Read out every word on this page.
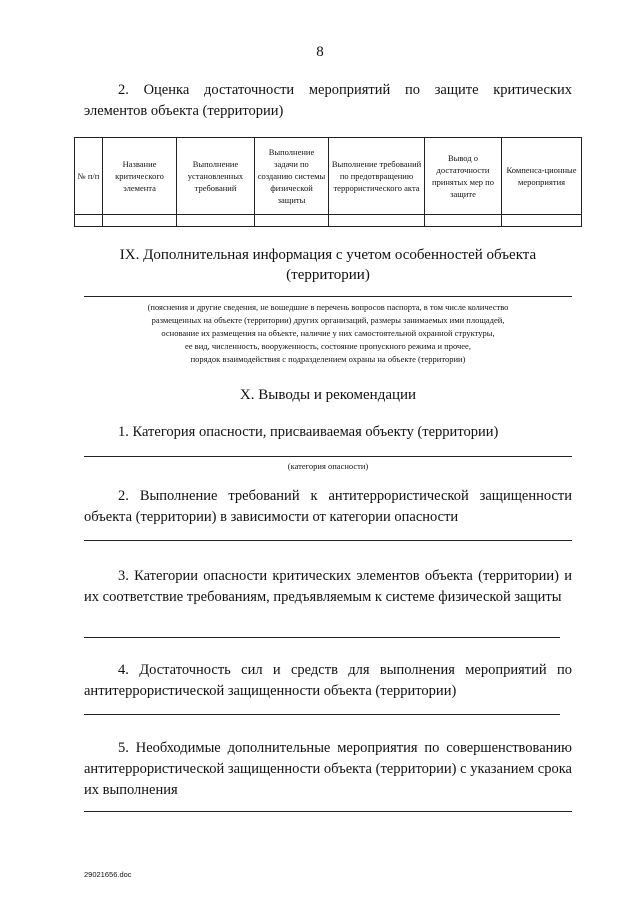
8
2. Оценка достаточности мероприятий по защите критических элементов объекта (территории)
№ п/п	Название критического элемента	Выполнение установленных требований	Выполнение задачи по созданию системы физической защиты	Выполнение требований по предотвращению террористического акта	Вывод о достаточности принятых мер по защите	Компенса-ционные мероприятия

IX. Дополнительная информация с учетом особенностей объекта
(территории)
(пояснения и другие сведения, не вошедшие в перечень вопросов паспорта, в том числе количество
размещенных на объекте (территории) других организаций, размеры занимаемых ими площадей,
основание их размещения на объекте, наличие у них самостоятельной охранной структуры,
ее вид, численность, вооруженность, состояние пропускного режима и прочее,
порядок взаимодействия с подразделением охраны на объекте (территории)
X. Выводы и рекомендации
1. Категория опасности, присваиваемая объекту (территории)
(категория опасности)
2. Выполнение требований к антитеррористической защищенности объекта (территории) в зависимости от категории опасности
3. Категории опасности критических элементов объекта (территории) и их соответствие требованиям, предъявляемым к системе физической защиты
4. Достаточность сил и средств для выполнения мероприятий по антитеррористической защищенности объекта (территории)
5. Необходимые дополнительные мероприятия по совершенствованию антитеррористической защищенности объекта (территории) с указанием срока их выполнения
29021656.doc
